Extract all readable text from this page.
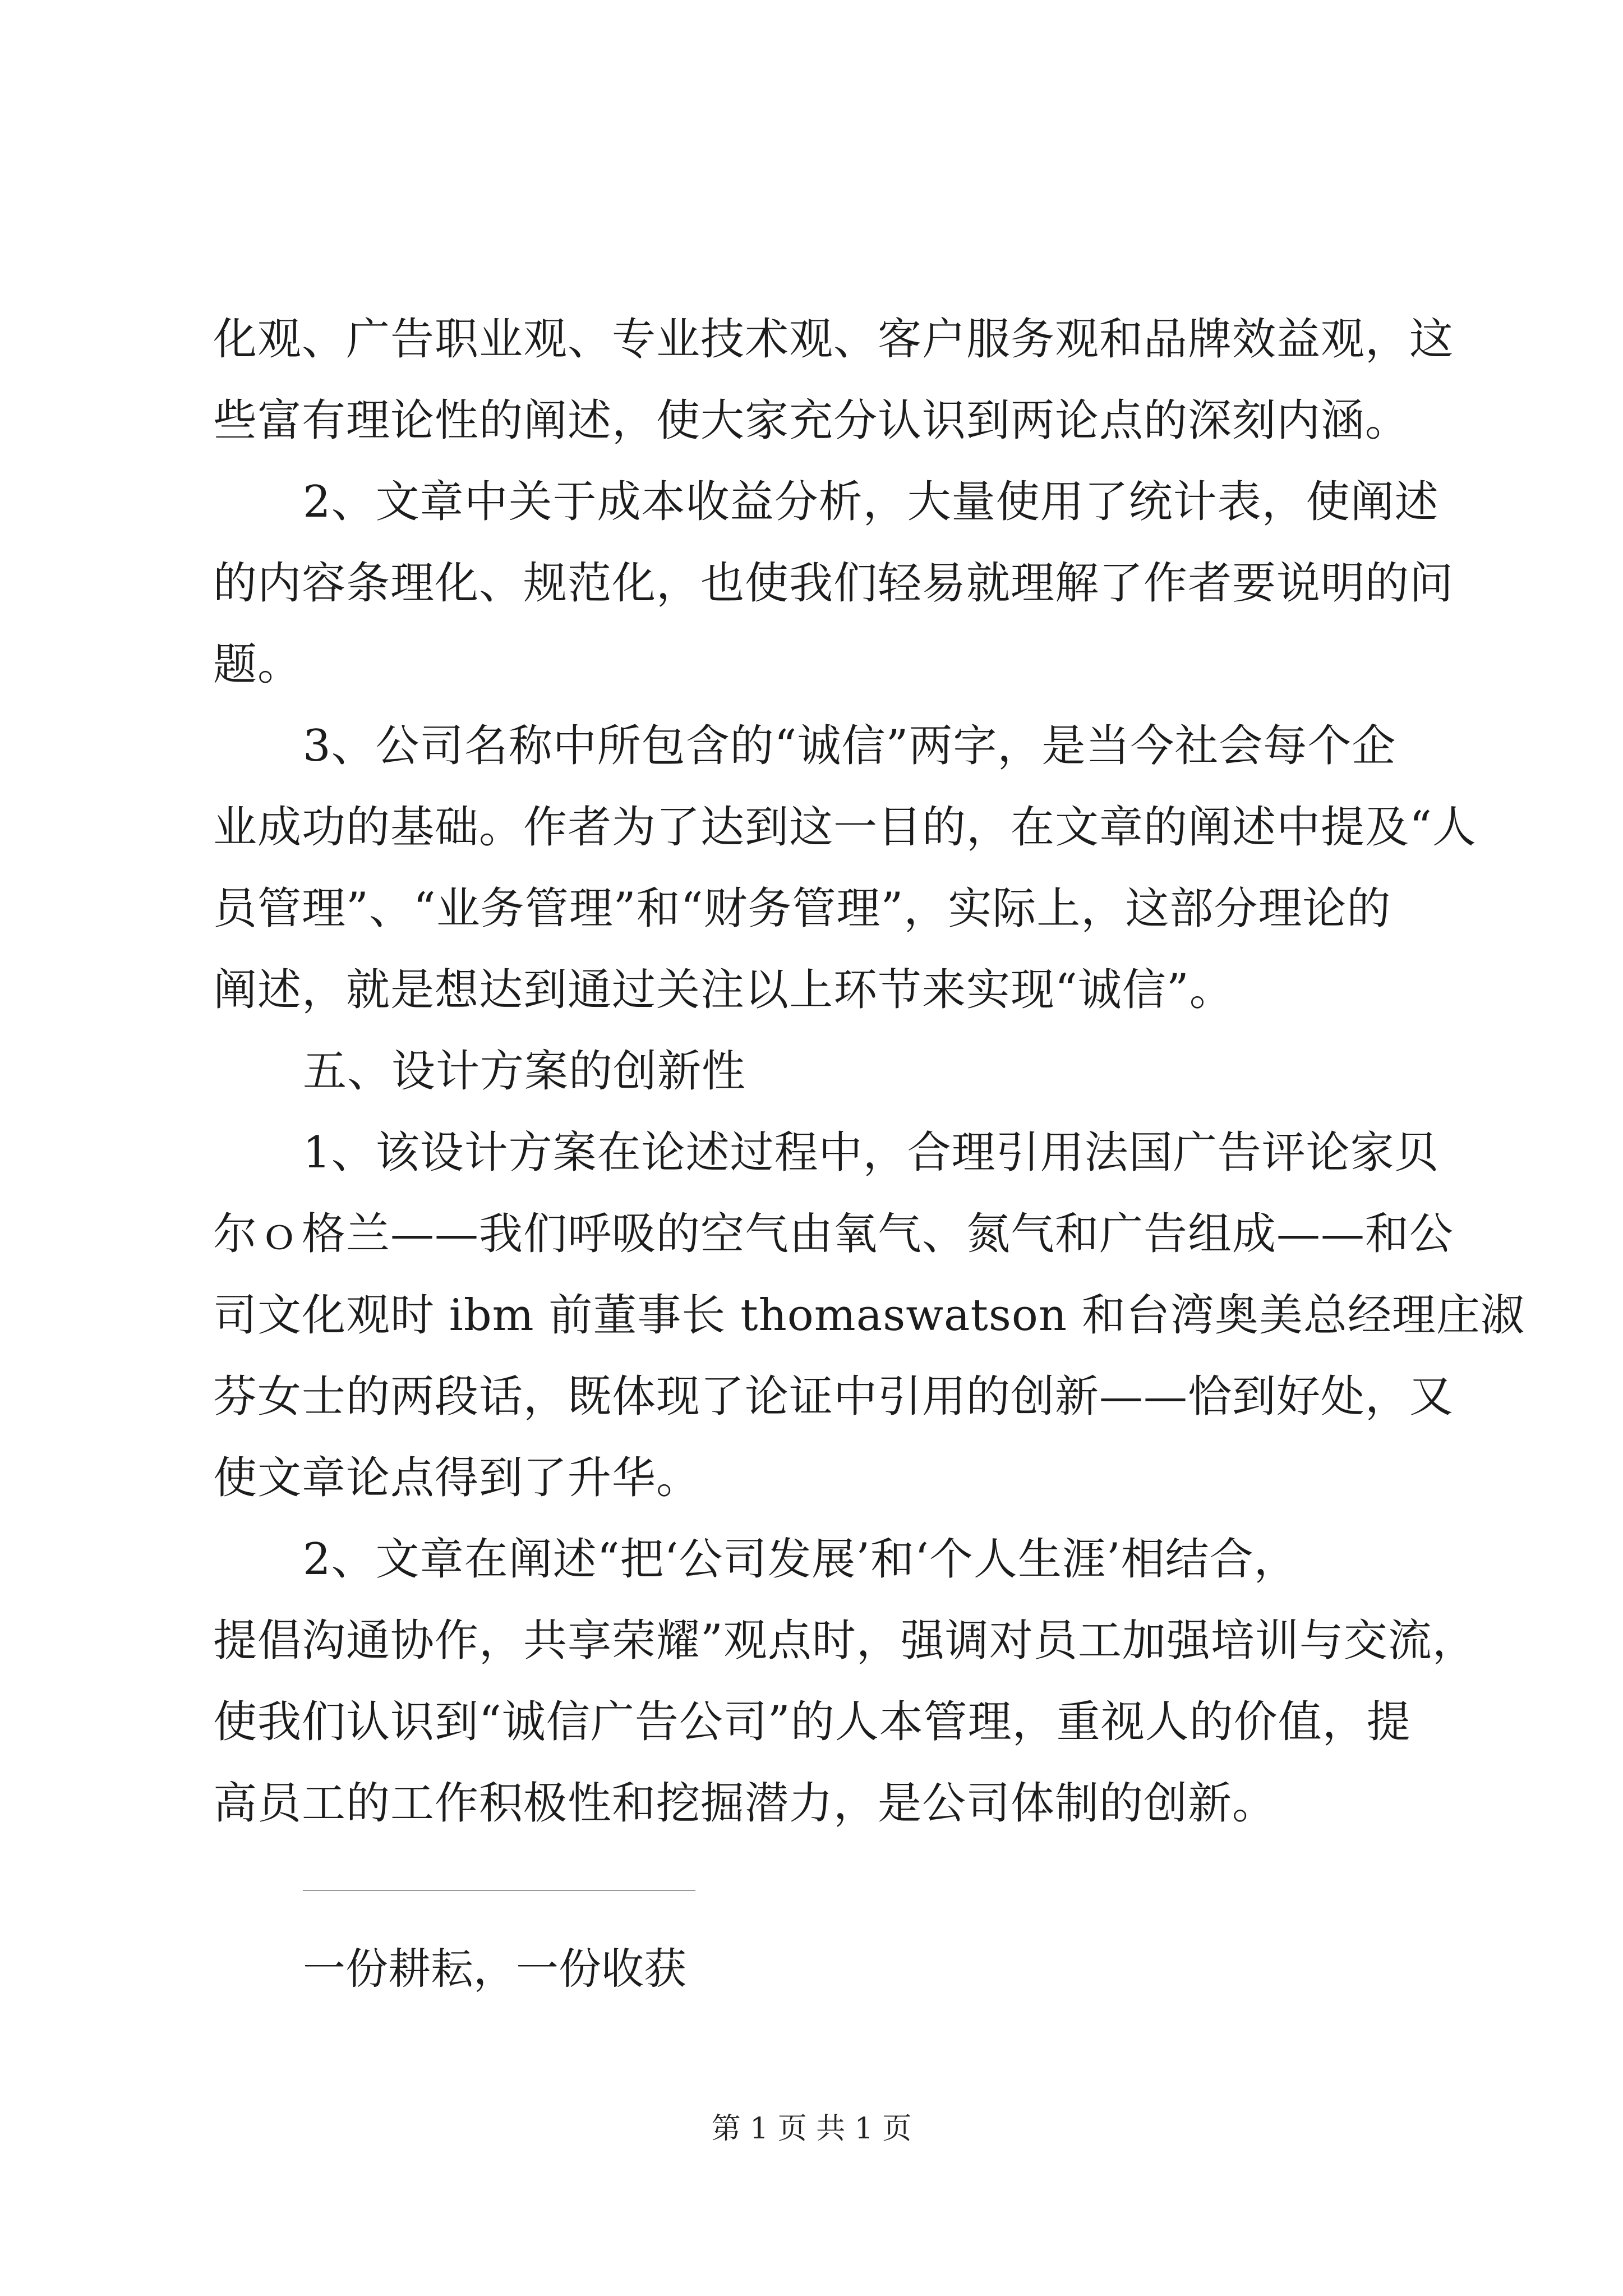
化观、广告职业观、专业技术观、客户服务观和品牌效益观，这
些富有理论性的阐述，使大家充分认识到两论点的深刻内涵。
2、文章中关于成本收益分析，大量使用了统计表，使阐述
的内容条理化、规范化，也使我们轻易就理解了作者要说明的问
题。
3、公司名称中所包含的“诚信”两字，是当今社会每个企
业成功的基础。作者为了达到这一目的，在文章的阐述中提及“人
员管理”、“业务管理”和“财务管理”，实际上，这部分理论的
阐述，就是想达到通过关注以上环节来实现“诚信”。
五、设计方案的创新性
1、该设计方案在论述过程中，合理引用法国广告评论家贝
尔ｏ格兰——我们呼吸的空气由氧气、氮气和广告组成——和公
司文化观时 ibm 前董事长 thomaswatson 和台湾奥美总经理庄淑
芬女士的两段话，既体现了论证中引用的创新——恰到好处，又
使文章论点得到了升华。
2、文章在阐述“把‘公司发展’和‘个人生涯’相结合，
提倡沟通协作，共享荣耀”观点时，强调对员工加强培训与交流，
使我们认识到“诚信广告公司”的人本管理，重视人的价值，提
高员工的工作积极性和挖掘潜力，是公司体制的创新。
一份耕耘，一份收获
第 1 页 共 1 页
